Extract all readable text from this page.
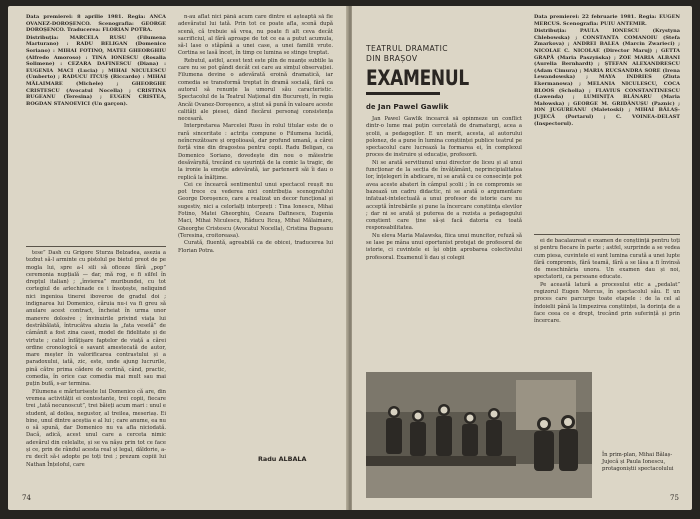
Data premierei: 8 aprilie 1981. Regia: ANCA OVANEZ-DOROȘENCO. Scenografia: GEORGE DOROȘENCO. Traducerea: FLORIAN POTRA.

Distribuția: MARCELA RUSU (Filumena Marturano) : RADU BELIGAN (Domenico Soriano) : MIHAI FOTINO, MATEI GHEORGHIU (Alfredo Amoroso) : TINA IONESCU (Rosalia Solimene) : CEZARA DAFINESCU (Diana) : EUGENIA MACI (Lucia) ; MIHAI NICULESCU (Umberto) ; RADUCU ITCUȘ (Riccardo) : MIHAI MĂLAIMARE (Michele) ; GHEORGHE CRISTESCU (Avocatul Nocella) ; CRISTINA BUGEANU (Teresina) ; EUGEN CRISTEA, BOGDAN STANOEVICI (Un garçon).

tese” Dash cu Grigore Sturza Belzadea, asezia a tezbut să-l arminte cu pistolul pe bietul preot de pe mogla lui, spre a-l sili să oficeze fără „pop” ceremonia nupțială — dar, mă rog, e fi silfel în drepțul italian) ; „învierea” muribundei, cu tot cortegiul de arlechinade ce i însoțește, neliquind nici ingenioa tinerei iboveroe de gradul doi ; indignarea lui Domenico, căruia nu-i va fi greu să anulare acest contract, încheiat în urma unor manevre dolosive ; învinuirile privind viața lui destrăbălată, întrucâtva aluzia la „fata veselă” de câmânit a fost zina casei, model de fidelitate și de virtute ; catul înfățișare faptelor de viață a cărei ordine cronologică e savant amestecată de autor, mare meșter în valorificarea contrastului și a paradoxului, iată, zic, este, unde ajung lucrurile, pină către prima cădere de cortină, când, practic, comedia, în orice caz comedia mai mult sau mai puțin bufă, s-ar termina.

Filumena e mărturisește lui Domenico că are, din vremea activității ei contestante, trei copii, fiecare trei „tată necunoscut”, trei băieți acum mari : unul e student, al doilea, negustor, al treilea, meseriaș. Ei bine, unul dintre aceștia e al lui ; care anume, ea nu o să spună, dar Domenico nu va afla niciodată. Dacă, adică, acest unul care a cerceta nimic adevărul din celelalte, și se va nășu prin tot ce face și ce, prin de rândul acesta real și legal, dăldorie, a-ru decît să-i adopte pe toți trei ; prezum copiii lui Nathan Înțeloful, care

n-au aflat nici până acum care dintre ei așteaptă să fie adevăratul lui tată. Prin tot ce poate afla, scenă după scenă, că trebuie să vrea, nu poate fi alt ceva decât sacrificiul, al fără aproape de tot ce ea a putut acumula, să-l lase o stăpână a unei case, a unei familii vrute. Cortina se lasă încet, în timp ce lumina se stinge treptat.

Rebutul, astfel, acest text este plin de nuanțe subtile la care nu se pot gândi decât cei care au simțul observației. Filumena devine o adevărată eroină dramatică, iar comedia se transformă treptat în dramă socială, fără ca autorul să renunțe la umorul său caracteristic. Spectacolul de la Teatrul Național din București, în regia Ancăi Ovanez-Doroșenco, a știut să pună în valoare aceste calități ale piesei, dând fiecărui personaj consistența necesară.

Interpretarea Marcelei Rusu în rolul titular este de o rară sinceritate : actrița compune o Filumena lucidă, neîncrezătoare și orgolioasă, dar profund umană, a cărei forță vine din dragostea pentru copii. Radu Beligan, ca Domenico Soriano, dovedește din nou o măiestrie desăvârșită, trecând cu ușurință de la comic la tragic, de la ironie la emoție adevărată, iar partenerii săi îi dau o replică la înălțime.

Cei ce încearcă sentimentul unui spectacol reușit nu pot trece cu vederea nici contribuția scenografului George Doroșenco, care a realizat un decor funcțional și sugestiv, nici a celorlalți interpreți : Tina Ionescu, Mihai Fotino, Matei Gheorghiu, Cezara Dafinescu, Eugenia Maci, Mihai Niculescu, Răducu Itcuș, Mihai Mălaimare, Gheorghe Cristescu (Avocatul Nocella), Cristina Bugeanu (Teresina, croitoreasa).

Curată, fluentă, agreabilă ca de obicei, traducerea lui Florian Potra.

Radu ALBALA
74
TEATRUL DRAMATIC
DIN BRAȘOV
EXAMENUL
de Jan Pawel Gawlik

Data premierei: 22 februarie 1981. Regia: EUGEN MERCUS. Scenografia: PUIU ANTEMIR.

Distribuția: PAULA IONESCU (Krystyna Chlebowska) ; CONSTANTA COMANOIU (Stefa Zmarkova) ; ANDREI BALEA (Marcin Zwarieci) ; NICOLAE C. NICOLAE (Director Maruj) ; GETTA GRAPĂ (Maria Paszyńska) ; ZOE MARIA ALBANI (Aurelia Bernhardt) ; ȘTEFAN ALEXANDRESCU (Adam Cimura) ; MARIA RUCSANDRA SORE (Irena Lewandowska) ; MAYA INDRIES (Ziuta Ekermanowa) ; MELANIA NICULESCU, COCA BLOOS (Scholia) ; FLAVIUS CONSTANTINESCU (Lawenda) ; LUMINIȚA BLĂNARU (Maria Małowska) ; GEORGE M. GRIDĂNUȘU (Paznic) ; ION JUGUREANU (Maletoski) ; MIHAI BĂLAȘ-JUJECĂ (Portarul) ; C. VOINEA-DELAST (Inspectorul).

Jan Pawel Gawlik încearcă să opinmeze un conflict dintr-o lume mai puțin cercetată de dramaturgi, acea a școlii, a pedagogilor. E un merit, acesta, al autorului polonez, de a pune în lumina conștiinței publice teatrul pe spectacolul care lucrează la formarea ei, în complexul proces de instruire și educație, profesorii.

Ni se arată servitiunul unui director de liceu și al unui funcționar de la secția de învățământ, neprincipialitatea lor, înțelegeri în abdicare, ni se arată cu ce consecințe pot avea aceste abateri în câmpul școlii ; în ce compromis se bazează un cadru didactic, ni se arată o argumentare infatuat-intelectuală a unui profesor de istorie care nu acceptă întrebările și pune la încercare conștiința elevilor ; dar ni se arată și puterea de a rezista a pedagogului conștient care ține să-și facă datoria cu toată responsabilitatea.

Nu eleva Maria Malawska, fiica unui muncitor, refuză să se lase pe mâna unui oportunist protejat de profesorul de istorie, ci cuvintele ei își obțin aprobarea colectivului profesoral. Examenul îi dau și colegii

ei de bacalaureat e examen de conștiință pentru toți și pentru fiecare în parte ; astfel, surprinde a se vedea cum piesa, cuvintele ei sunt lumina curată a unei lupte fără compromis, fără teamă, fără a se lăsa a fi învinsă de meschinăria unora. Un examen dau și noi, spectatorii, ca persoane educate.

Pe această latură a procesului etic a „pedalat” regizorul Eugen Mercus, în spectacolul său. E un proces care parcurge toate etapele : de la cel al îndoielii până la limpezirea conștiinței, la dorința de a face ceea ce e drept, trecând prin suferință și prin încercare.

În prim-plan, Mihai Bălaș-Jujecă și Paula Ionescu, protagoniștii spectacolului
75
